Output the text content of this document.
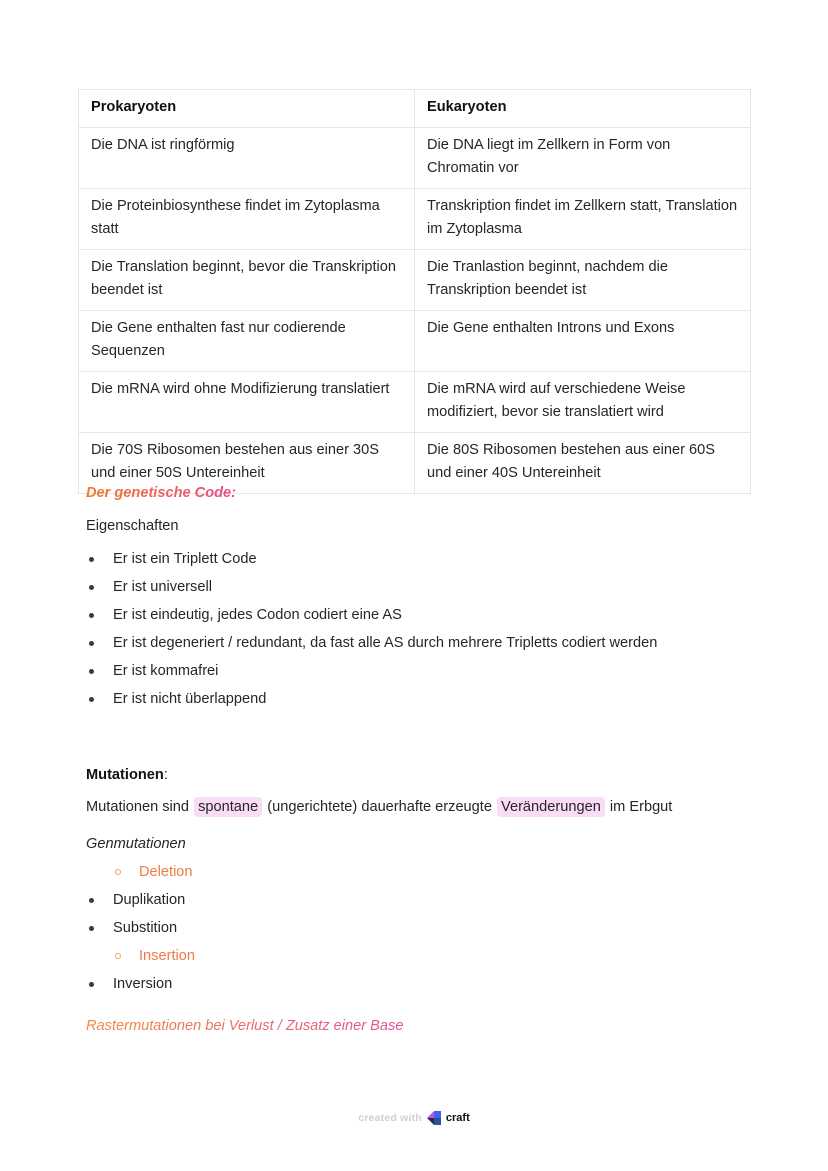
Prokaryoten	Eukaryoten
Die DNA ist ringförmig	Die DNA liegt im Zellkern in Form von Chromatin vor
Die Proteinbiosynthese findet im Zytoplasma statt	Transkription findet im Zellkern statt, Translation im Zytoplasma
Die Translation beginnt, bevor die Transkription beendet ist	Die Tranlastion beginnt, nachdem die Transkription beendet ist
Die Gene enthalten fast nur codierende Sequenzen	Die Gene enthalten Introns und Exons
Die mRNA wird ohne Modifizierung translatiert	Die mRNA wird auf verschiedene Weise modifiziert, bevor sie translatiert wird
Die 70S Ribosomen bestehen aus einer 30S und einer 50S Untereinheit	Die 80S Ribosomen bestehen aus einer 60S und einer 40S Untereinheit
Der genetische Code:
Eigenschaften
Er ist ein Triplett Code
Er ist universell
Er ist eindeutig, jedes Codon codiert eine AS
Er ist degeneriert / redundant, da fast alle AS durch mehrere Tripletts codiert werden
Er ist kommafrei
Er ist nicht überlappend
Mutationen:
Mutationen sind spontane (ungerichtete) dauerhafte erzeugte Veränderungen im Erbgut
Genmutationen
Deletion
Duplikation
Substition
Insertion
Inversion
Rastermutationen bei Verlust / Zusatz einer Base
created with craft
